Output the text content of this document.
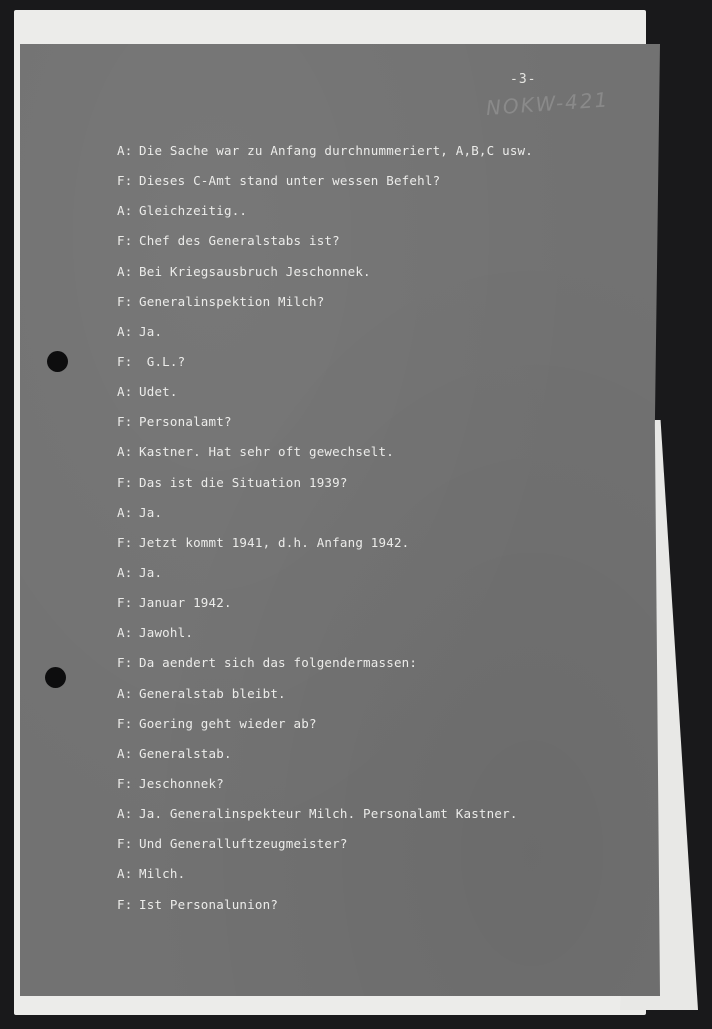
-3-
NOKW-421
A: Die Sache war zu Anfang durchnummeriert, A,B,C usw.
F: Dieses C-Amt stand unter wessen Befehl?
A: Gleichzeitig..
F: Chef des Generalstabs ist?
A: Bei Kriegsausbruch Jeschonnek.
F: Generalinspektion Milch?
A: Ja.
F: G.L.?
A: Udet.
F: Personalamt?
A: Kastner. Hat sehr oft gewechselt.
F: Das ist die Situation 1939?
A: Ja.
F: Jetzt kommt 1941, d.h. Anfang 1942.
A: Ja.
F: Januar 1942.
A: Jawohl.
F: Da aendert sich das folgendermassen:
A: Generalstab bleibt.
F: Goering geht wieder ab?
A: Generalstab.
F: Jeschonnek?
A: Ja. Generalinspekteur Milch. Personalamt Kastner.
F: Und Generalluftzeugmeister?
A: Milch.
F: Ist Personalunion?
